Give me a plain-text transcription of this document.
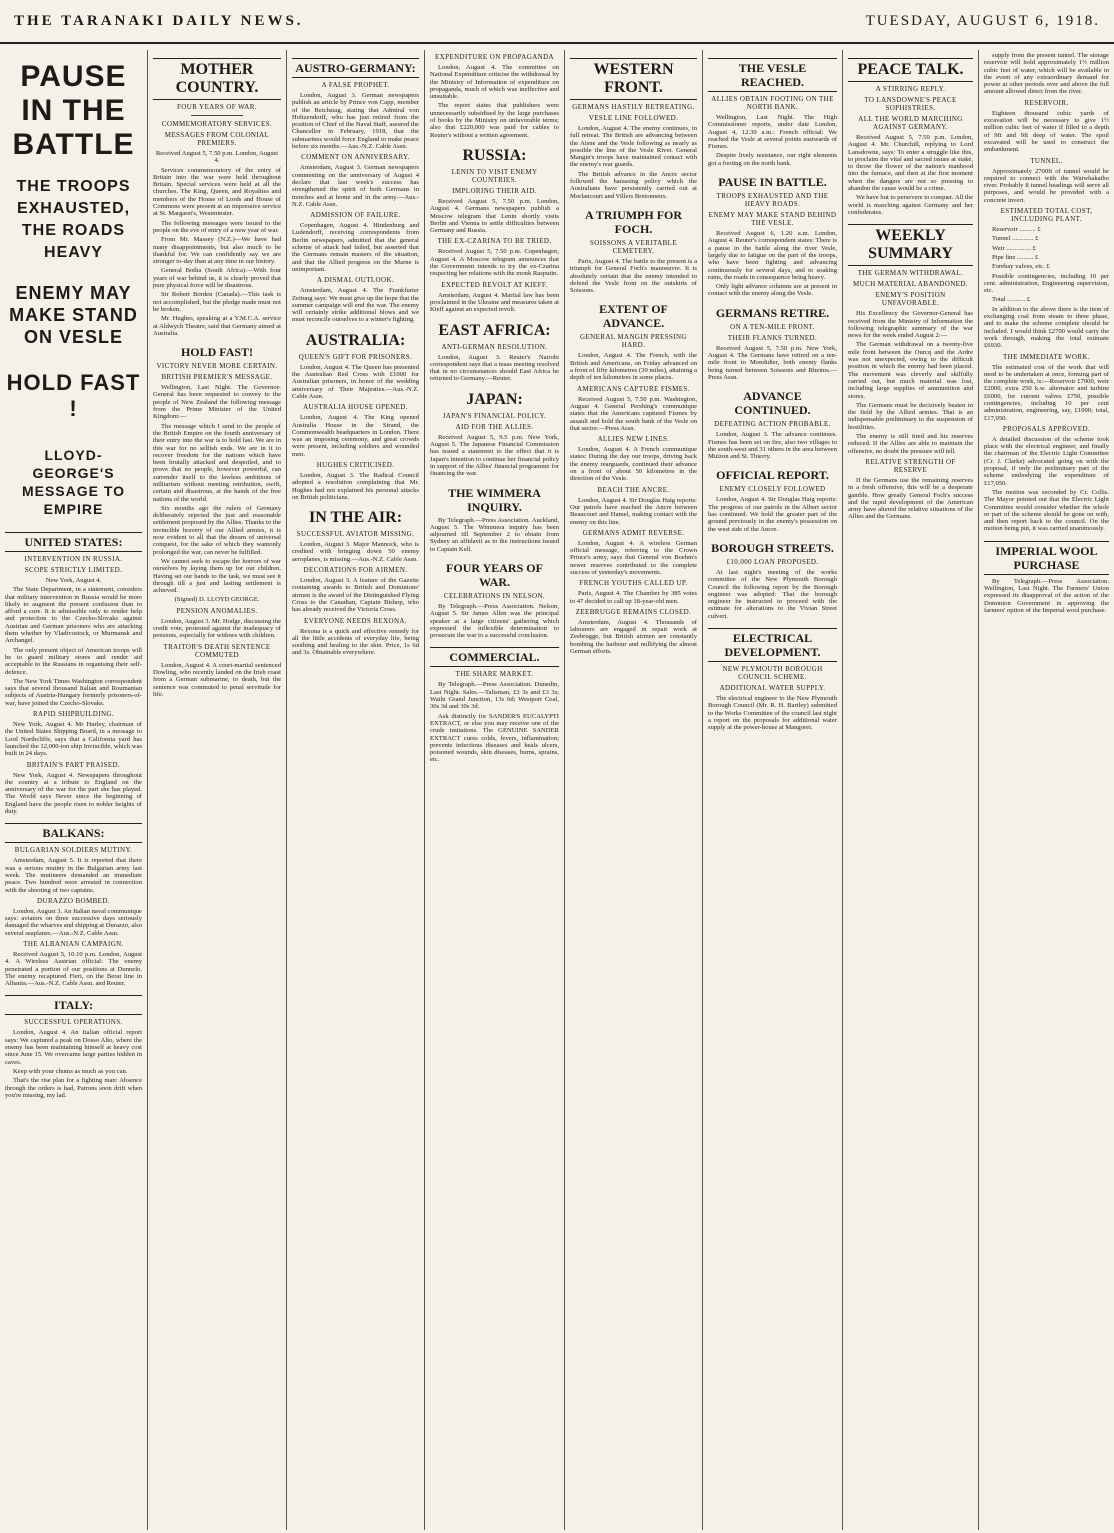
THE TARANAKI DAILY NEWS.	TUESDAY, AUGUST 6, 1918.
PAUSE IN THE BATTLE
THE TROOPS EXHAUSTED, THE ROADS HEAVY
ENEMY MAY MAKE STAND ON VESLE
HOLD FAST !
LLOYD-GEORGE'S MESSAGE TO EMPIRE
UNITED STATES:
INTERVENTION IN RUSSIA.
SCOPE STRICTLY LIMITED.
New York, August 4.
The State Department, in a statement, considers that military intervention in Russia would be more likely to augment the present confusion than to afford a cure. It is admissible only to render help and protection to the Czecho-Slovaks against Austrian and German prisoners who are attacking them whether by Vladivostock, or Murmansk and Archangel.
The only present object of American troops will be to guard military stores and render aid acceptable to the Russians in organising their self-defence.
The New York Times Washington correspondent says that several thousand Italian and Roumanian subjects of Austria-Hungary formerly prisoners-of-war, have joined the Czecho-Slovaks.
RAPID SHIPBUILDING.
New York, August 4. Mr Hurley, chairman of the United States Shipping Board, in a message to Lord Northcliffe, says that a California yard has launched the 12,000-ton ship Invincible, which was built in 24 days.
BRITAIN'S PART PRAISED.
New York, August 4. Newspapers throughout the country at a tribute to England on the anniversary of the war for the part she has played. The World says Never since the beginning of England have the people risen to nobler heights of duty.
BALKANS:
BULGARIAN SOLDIERS MUTINY.
Amsterdam, August 5. It is reported that there was a serious mutiny in the Bulgarian army last week. The mutineers demanded an immediate peace. Two hundred were arrested in connection with the shooting of two captains.
DURAZZO BOMBED.
London, August 3. An Italian naval communique says: aviators on three successive days seriously damaged the wharves and shipping at Durazzo, also several seaplanes.—Aus.-N.Z. Cable Assn.
THE ALBANIAN CAMPAIGN.
Received August 5, 10.10 p.m. London, August 4. A Wireless Austrian official: The enemy penetrated a portion of our positions at Dunnelo. The enemy recaptured Fieri, on the Berat line in Albania.—Aus.-N.Z. Cable Assn. and Reuter.
ITALY:
SUCCESSFUL OPERATIONS.
London, August 4. An Italian official report says: We captured a peak on Dosso Alto, where the enemy has been maintaining himself at heavy cost since June 15. We overcame large parties hidden in caves.
Keep with your chums as much as you can.
That's the rise plan for a fighting man: Absence through the orders is bad, Patrons soon drift when you're missing, my lad.
MOTHER COUNTRY.
FOUR YEARS OF WAR.
COMMEMORATORY SERVICES.
MESSAGES FROM COLONIAL PREMIERS.
Received August 5, 7.50 p.m. London, August 4.
Services commemoratory of the entry of Britain into the war were held throughout Britain. Special services were held at all the churches. The King, Queen, and Royalties and members of the House of Lords and House of Commons were present at an impressive service at St. Margaret's, Westminster.
The following messages were issued to the people on the eve of entry of a new year of war.
From Mr. Massey (N.Z.)—We have had many disappointments, but also much to be thankful for. We can confidently say we are stronger to-day than at any time in our history.
General Botha (South Africa).—With four years of war behind us, it is clearly proved that pure physical force will be disastrous.
Sir Robert Borden (Canada).—This task is not accomplished, but the pledge made must not be broken.
Mr. Hughes, speaking at a Y.M.C.A. service at Aldwych Theatre, said that Germany aimed at Australia.
HOLD FAST!
VICTORY NEVER MORE CERTAIN.
BRITISH PREMIER'S MESSAGE.
Wellington, Last Night. The Governor-General has been requested to convey to the people of New Zealand the following message from the Prime Minister of the United Kingdom:—
The message which I send to the people of the British Empire on the fourth anniversary of their entry into the war is to hold fast. We are in this war for no selfish ends. We are in it to recover freedom for the nations which have been brutally attacked and despoiled, and to prove that no people, however powerful, can surrender itself to the lawless ambitions of militarism without meeting retribution, swift, certain and disastrous, at the hands of the free nations of the world.
Six months ago the rulers of Germany deliberately rejected the just and reasonable settlement proposed by the Allies. Thanks to the invincible bravery of our Allied armies, it is now evident to all that the dream of universal conquest, for the sake of which they wantonly prolonged the war, can never be fulfilled.
We cannot seek to escape the horrors of war ourselves by laying them up for our children. Having set our hands to the task, we must see it through till a just and lasting settlement is achieved.
(Signed) D. LLOYD GEORGE.
PENSION ANOMALIES.
London, August 3. Mr. Hodge, discussing the credit vote, protested against the inadequacy of pensions, especially for widows with children.
TRAITOR'S DEATH SENTENCE COMMUTED
London, August 4. A court-martial sentenced Dowling, who recently landed on the Irish coast from a German submarine, to death, but the sentence was commuted to penal servitude for life.
AUSTRO-GERMANY:
A FALSE PROPHET.
London, August 3. German newspapers publish an article by Prince von Capp, member of the Reichstag, stating that Admiral von Holtzendorff, who has just retired from the position of Chief of the Naval Staff, assured the Chancellor in February, 1918, that the submarines would force England to make peace before six months.—Aus.-N.Z. Cable Assn.
COMMENT ON ANNIVERSARY.
Amsterdam, August 3. German newspapers commenting on the anniversary of August 4 declare that last week's success has strengthened the spirit of both Germans in trenches and at home and in the army.—Aus.-N.Z. Cable Assn.
ADMISSION OF FAILURE.
Copenhagen, August 4. Hindenburg and Ludendorff, receiving correspondents from Berlin newspapers, admitted that the general scheme of attack had failed, but asserted that the Germans remain masters of the situation, and that the Allied progress on the Marne is unimportant.
A DISMAL OUTLOOK.
Amsterdam, August 4. The Frankfurter Zeitung says: We must give up the hope that the summer campaign will end the war. The enemy will certainly strike additional blows and we must reconcile ourselves to a winter's fighting.
AUSTRALIA:
QUEEN'S GIFT FOR PRISONERS.
London, August 4. The Queen has presented the Australian Red Cross with £1000 for Australian prisoners, in honor of the wedding anniversary of Their Majesties.—Aus.-N.Z. Cable Assn.
AUSTRALIA HOUSE OPENED.
London, August 4. The King opened Australia House in the Strand, the Commonwealth headquarters in London. There was an imposing ceremony, and great crowds were present, including soldiers and wounded men.
HUGHES CRITICISED.
London, August 3. The Radical Council adopted a resolution complaining that Mr. Hughes had not explained his personal attacks on British politicians.
IN THE AIR:
SUCCESSFUL AVIATOR MISSING.
London, August 3. Major Mannock, who is credited with bringing down 50 enemy aeroplanes, is missing.—Aus.-N.Z. Cable Assn.
DECORATIONS FOR AIRMEN.
London, August 3. A feature of the Gazette containing awards to British and Dominions' airmen is the award of the Distinguished Flying Cross to the Canadian, Captain Bishop, who has already received the Victoria Cross.
EVERYONE NEEDS REXONA.
Rexona is a quick and effective remedy for all the little accidents of everyday life, being soothing and healing to the skin. Price, 1s 6d and 3s. Obtainable everywhere.
EXPENDITURE ON PROPAGANDA
London, August 4. The committee on National Expenditure criticise the withdrawal by the Ministry of Information of expenditure on propaganda, much of which was ineffective and unsuitable.
The report states that publishers were unnecessarily subsidised by the large purchases of books by the Ministry on unfavorable terms; also that £220,000 was paid for cables to Reuter's without a written agreement.
RUSSIA:
LENIN TO VISIT ENEMY COUNTRIES.
IMPLORING THEIR AID.
Received August 5, 7.50 p.m. London, August 4. Germans newspapers publish a Moscow telegram that Lenin shortly visits Berlin and Vienna to settle difficulties between Germany and Russia.
THE EX-CZARINA TO BE TRIED.
Received August 5, 7.50 p.m. Copenhagen, August 4. A Moscow telegram announces that the Government intends to try the ex-Czarina respecting her relations with the monk Rasputin.
EXPECTED REVOLT AT KIEFF.
Amsterdam, August 4. Martial law has been proclaimed in the Ukraine and measures taken at Kieff against an expected revolt.
EAST AFRICA:
ANTI-GERMAN RESOLUTION.
London, August 3. Reuter's Nairobi correspondent says that a mass meeting resolved that in no circumstances should East Africa be returned to Germany.—Reuter.
JAPAN:
JAPAN'S FINANCIAL POLICY.
AID FOR THE ALLIES.
Received August 5, 9.5 p.m. New York, August 5. The Japanese Financial Commission has issued a statement to the effect that it is Japan's intention to continue her financial policy in support of the Allies' financial programme for financing the war.
THE WIMMERA INQUIRY.
By Telegraph.—Press Association. Auckland, August 5. The Wimmera inquiry has been adjourned till September 2 to obtain from Sydney an affidavit as to the instructions issued to Captain Kell.
FOUR YEARS OF WAR.
CELEBRATIONS IN NELSON.
By Telegraph.—Press Association. Nelson, August 5. Sir James Allen was the principal speaker at a large citizens' gathering which expressed the inflexible determination to prosecute the war to a successful conclusion.
COMMERCIAL.
THE SHARE MARKET.
By Telegraph.—Press Association. Dunedin, Last Night. Sales.—Talisman, £3 3s and £3 3s; Waihi Grand Junction, 13s 6d; Westport Coal, 30s 3d and 30s 3d.
Ask distinctly for SANDER'S EUCALYPTI EXTRACT, or else you may receive one of the crude imitations. The GENUINE SANDER EXTRACT cures colds, fevers, inflammation; prevents infectious diseases and heals ulcers, poisoned wounds, skin diseases, burns, sprains, etc.
WESTERN FRONT.
GERMANS HASTILY RETREATING.
VESLE LINE FOLLOWED.
London, August 4. The enemy continues, in full retreat. The British are advancing between the Aisne and the Vesle following as nearly as possible the line of the Vesle River. General Mangin's troops have maintained contact with the enemy's rear guards.
The British advance in the Ancre sector followed the harassing policy which the Australians have persistently carried out at Morlancourt and Villers Bretonneux.
A TRIUMPH FOR FOCH.
SOISSONS A VERITABLE CEMETERY.
Paris, August 4. The battle to the present is a triumph for General Foch's manoeuvre. It is absolutely certain that the enemy intended to defend the Vesle front on the outskirts of Soissons.
EXTENT OF ADVANCE.
GENERAL MANGIN PRESSING HARD.
London, August 4. The French, with the British and Americans, on Friday advanced on a front of fifty kilometres (30 miles), attaining a depth of ten kilometres in some places.
AMERICANS CAPTURE FISMES.
Received August 5, 7.50 p.m. Washington, August 4. General Pershing's communique states that the Americans captured Fismes by assault and hold the south bank of the Vesle on that sector.—Press Assn.
ALLIES NEW LINES.
London, August 4. A French communique states: During the day our troops, driving back the enemy rearguards, continued their advance on a front of about 50 kilometres in the direction of the Vesle.
BEACH THE ANCRE.
London, August 4. Sir Douglas Haig reports: Our patrols have reached the Ancre between Beaucourt and Hamel, making contact with the enemy on this line.
GERMANS ADMIT REVERSE.
London, August 4. A wireless German official message, referring to the Crown Prince's army, says that General von Boehm's newer reserves contributed to the complete success of yesterday's movements.
FRENCH YOUTHS CALLED UP.
Paris, August 4. The Chamber by 385 votes to 47 decided to call up 18-year-old men.
ZEEBRUGGE REMAINS CLOSED.
Amsterdam, August 4. Thousands of labourers are engaged in repair work at Zeebrugge, but British airmen are constantly bombing the harbour and nullifying the almost German efforts.
THE VESLE REACHED.
ALLIES OBTAIN FOOTING ON THE NORTH BANK.
Wellington, Last Night. The High Commissioner reports, under date London, August 4, 12.30 a.m.: French official: We reached the Vesle at several points eastwards of Fismes.
Despite lively resistance, our right elements got a footing on the north bank.
PAUSE IN BATTLE.
TROOPS EXHAUSTED AND THE HEAVY ROADS.
ENEMY MAY MAKE STAND BEHIND THE VESLE.
Received August 6, 1.20 a.m. London, August 4. Reuter's correspondent states: There is a pause in the battle along the river Vesle, largely due to fatigue on the part of the troops, who have been fighting and advancing continuously for several days, and to soaking rains, the roads in consequence being heavy.
Only light advance columns are at present in contact with the enemy along the Vesle.
GERMANS RETIRE.
ON A TEN-MILE FRONT.
THEIR FLANKS TURNED.
Received August 5, 7.50 p.m. New York, August 4. The Germans have retired on a ten-mile front to Mondidier, both enemy flanks being turned between Soissons and Rheims.—Press Assn.
ADVANCE CONTINUED.
DEFEATING ACTION PROBABLE.
London, August 3. The advance continues. Fismes has been set on fire, also two villages to the south-west and 31 others in the area between Muizon and St. Thierry.
OFFICIAL REPORT.
ENEMY CLOSELY FOLLOWED
London, August 4. Sir Douglas Haig reports: The progress of our patrols in the Albert sector has continued. We hold the greater part of the ground previously in the enemy's possession on the west side of the Ancre.
BOROUGH STREETS.
£10,000 LOAN PROPOSED.
At last night's meeting of the works committee of the New Plymouth Borough Council the following report by the Borough engineer was adopted: That the borough engineer be instructed to proceed with the estimate for alterations to the Vivian Street culvert.
ELECTRICAL DEVELOPMENT.
NEW PLYMOUTH BOROUGH COUNCIL SCHEME.
ADDITIONAL WATER SUPPLY.
The electrical engineer to the New Plymouth Borough Council (Mr. R. H. Bartley) submitted to the Works Committee of the council last night a report on the proposals for additional water supply at the power-house at Mangorei.
PEACE TALK.
A STIRRING REPLY.
TO LANSDOWNE'S PEACE SOPHISTRIES.
ALL THE WORLD MARCHING AGAINST GERMANY.
Received August 5, 7.50 p.m. London, August 4. Mr. Churchill, replying to Lord Lansdowne, says: To enter a struggle like this, to proclaim the vital and sacred issues at stake, to throw the flower of the nation's manhood into the furnace, and then at the first moment when the dangers are not so pressing to abandon the cause would be a crime.
We have but to persevere to conquer. All the world is marching against Germany and her confederates.
WEEKLY SUMMARY
THE GERMAN WITHDRAWAL.
MUCH MATERIAL ABANDONED.
ENEMY'S POSITION UNFAVORABLE.
His Excellency the Governor-General has received from the Ministry of Information the following telegraphic summary of the war news for the week ended August 2:—
The German withdrawal on a twenty-five mile front between the Ourcq and the Ardre was not unexpected, owing to the difficult position in which the enemy had been placed. The movement was cleverly and skilfully carried out, but much material was lost, including large supplies of ammunition and stores.
The Germans must be decisively beaten in the field by the Allied armies. That is an indispensable preliminary to the suspension of hostilities.
The enemy is still tired and his reserves reduced. If the Allies are able to maintain the offensive, no doubt the pressure will tell.
RELATIVE STRENGTH OF RESERVE
If the Germans use the remaining reserves in a fresh offensive, this will be a desperate gamble. How greatly General Foch's success and the rapid development of the American army have altered the relative situations of the Allies and the Germans.
supply from the present tunnel. The storage reservoir will hold approximately 1½ million cubic feet of water, which will be available in the event of any extraordinary demand for power at other periods over and above the full amount allowed direct from the river.
RESERVOIR.
Eighteen thousand cubic yards of excavation will be necessary to give 1½ million cubic feet of water if filled to a depth of 9ft and 9ft deep of water. The spoil excavated will be used to construct the embankment.
TUNNEL.
Approximately 2700ft of tunnel would be required to connect with the Waiwhakaiho river. Probably 8 tunnel headings will serve all purposes, and would be provided with a concrete invert.
ESTIMATED TOTAL COST, INCLUDING PLANT.
Reservoir .......... £
Tunnel ............. £
Weir ............... £
Pipe line .......... £
Forebay valves, etc. £
Possible contingencies, including 10 per cent. administration, Engineering supervision, etc.
Total ........... £
In addition to the above there is the item of exchanging coal from steam to three phase, and to make the scheme complete should be included. I would think £2700 would carry the work through, making the total estimate £6930.
THE IMMEDIATE WORK.
The estimated cost of the work that will need to be undertaken at once, forming part of the complete work, is:—Reservoir £7000, weir £2000, extra 250 k.w. alternator and turbine £6000, for current valves £750, possible contingencies, including 10 per cent administration, engineering, say, £1000; total, £17,050.
PROPOSALS APPROVED.
A detailed discussion of the scheme took place with the electrical engineer, and finally the chairman of the Electric Light Committee (Cr. J. Clarke) advocated going on with the proposal, if only the preliminary part of the scheme embodying the expenditure of £17,050.
The motion was seconded by Cr. Collis. The Mayor pointed out that the Electric Light Committee would consider whether the whole or part of the scheme should be gone on with, and then report back to the council. On the motion being put, it was carried unanimously.
IMPERIAL WOOL PURCHASE
By Telegraph.—Press Association. Wellington, Last Night. The Farmers' Union expressed its disapproval of the action of the Dominion Government in approving the farmers' option of the Imperial wool purchase.
